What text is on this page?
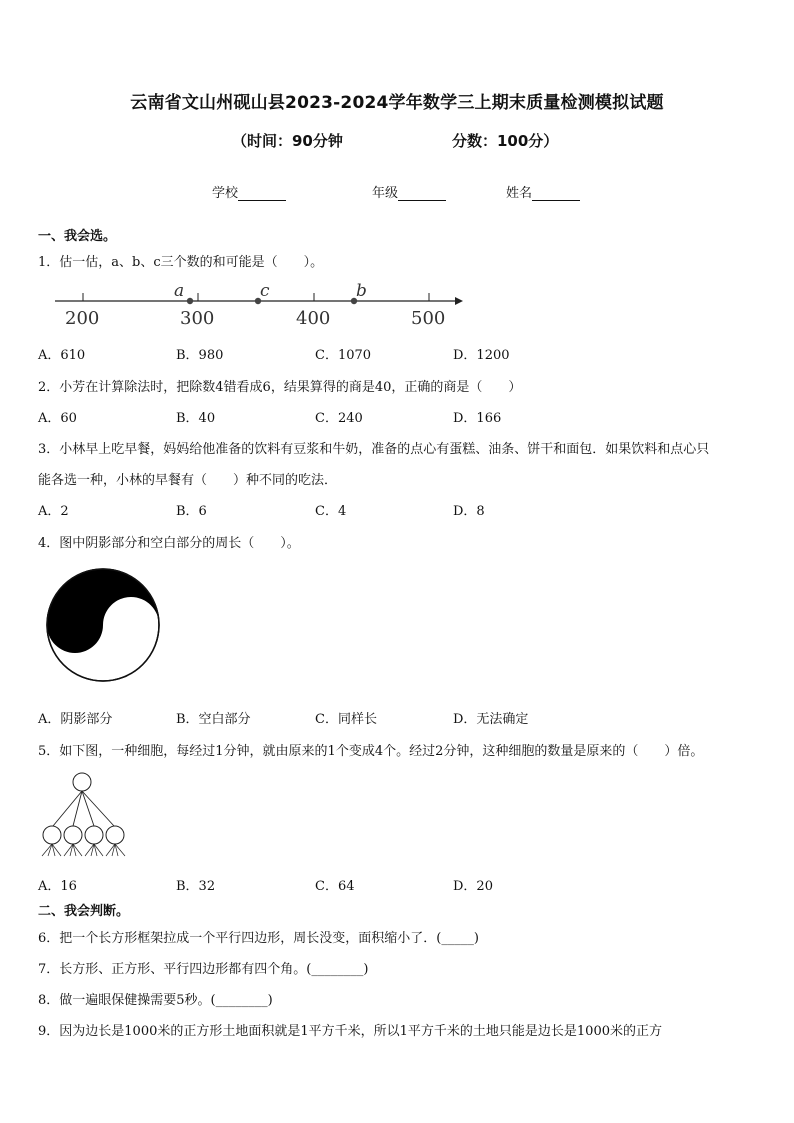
云南省文山州砚山县2023-2024学年数学三上期末质量检测模拟试题
（时间：90分钟	分数：100分）
学校	年级	姓名
一、我会选。
1．估一估，a、b、c三个数的和可能是（　　）。
200	300	400	500
a	c	b
A．610	B．980	C．1070	D．1200
2．小芳在计算除法时，把除数4错看成6，结果算得的商是40，正确的商是（　　）
A．60	B．40	C．240	D．166
3．小林早上吃早餐，妈妈给他准备的饮料有豆浆和牛奶，准备的点心有蛋糕、油条、饼干和面包．如果饮料和点心只
能各选一种，小林的早餐有（　　）种不同的吃法．
A．2	B．6	C．4	D．8
4．图中阴影部分和空白部分的周长（　　）。
A．阴影部分	B．空白部分	C．同样长	D．无法确定
5．如下图，一种细胞，每经过1分钟，就由原来的1个变成4个。经过2分钟，这种细胞的数量是原来的（　　）倍。
A．16	B．32	C．64	D．20
二、我会判断。
6．把一个长方形框架拉成一个平行四边形，周长没变，面积缩小了．(_____)
7．长方形、正方形、平行四边形都有四个角。(________)
8．做一遍眼保健操需要5秒。(________)
9．因为边长是1000米的正方形土地面积就是1平方千米，所以1平方千米的土地只能是边长是1000米的正方
